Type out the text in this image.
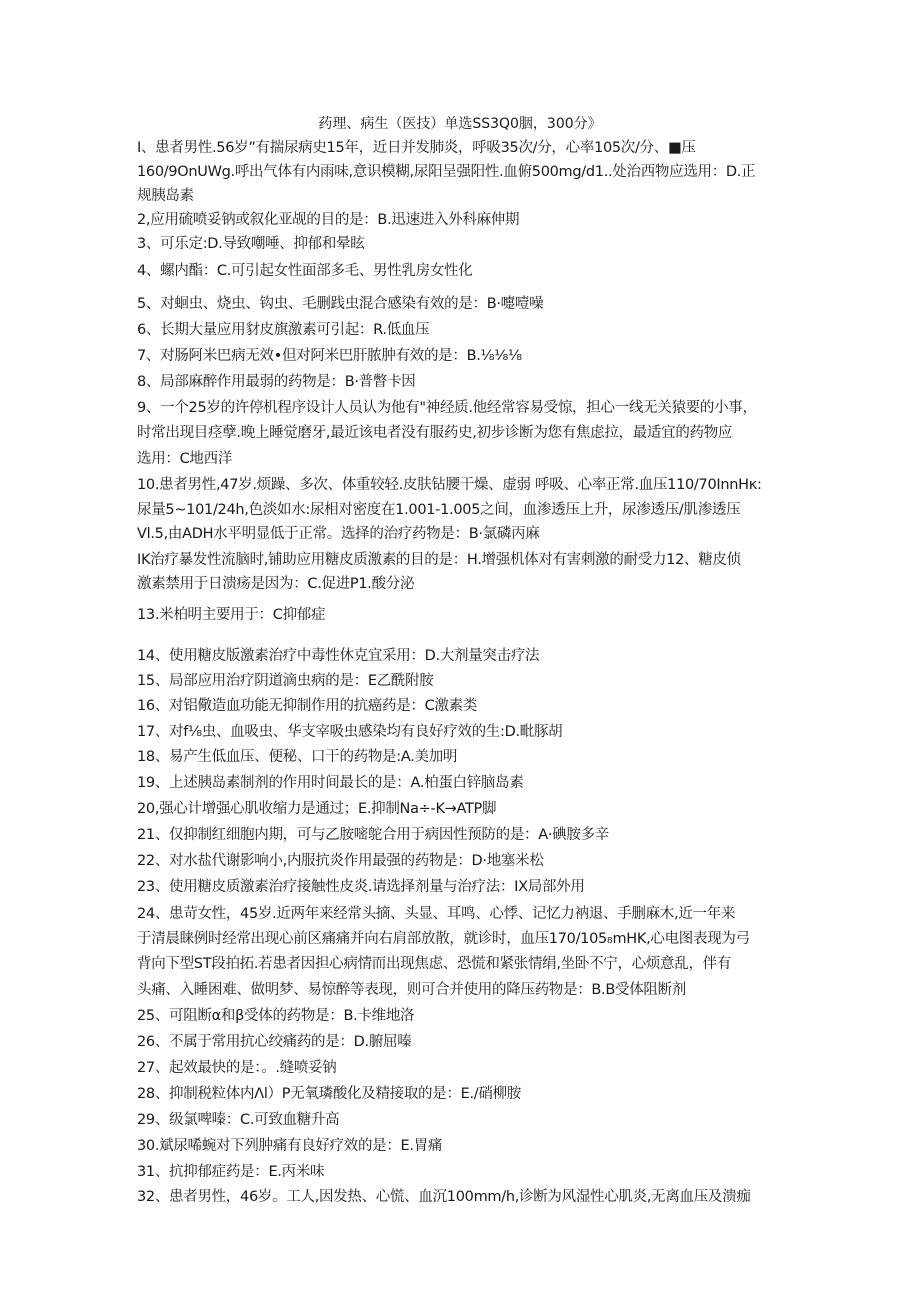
药理、病生（医技）单选SS3Q0胭，300分》
I、患者男性.56岁”有揣尿病史15年，近日并发肺炎，呼吸35次/分，心率105次/分、■压
160/9OnUWg.呼出气体有内雨味,意识模糊,尿阳呈强阳性.血俯500mg/d1..处治西物应选用：D.正
规胰岛素
2,应用硫喷妥钠或叙化亚觇的目的是：B.迅速进入外科麻伸期
3、可乐定:D.导致嘲唾、抑郁和晕眩
4、螺内酯：C.可引起女性面部多毛、男性乳房女性化
5、对蛔虫、烧虫、钩虫、毛删践虫混合感染有效的是：B·嚏噎噪
6、长期大量应用豺皮旗激素可引起：R.低血压
7、对肠阿米巴病无效•但对阿米巴肝脓肿有效的是：B.⅛⅛⅛
8、局部麻醉作用最弱的药物是：B·普瞥卡因
9、一个25岁的许停机程序设计人员认为他有"神经质.他经常容易受惊，担心一线无关猿要的小事，
时常出现目痉孽.晚上睡觉磨牙,最近该电者没有服药史,初步诊断为您有焦虑拉，最适宜的药物应
选用：C地西洋
10.患者男性,47岁.烦躁、多次、体重较轻.皮肤钻腰干燥、虚弱 呼吸、心率正常.血压110/70InnHκ:
尿量5~101∕24h,色淡如水:尿相对密度在1.001-1.005之间，血渗透压上升，尿渗透压/肌渗透压
Vl.5,由ADH水平明显低于正常。选择的治疗药物是：B·氯磷丙麻
IK治疗暴发性流脑时,铺助应用糖皮质激素的目的是：H.增强机体对有害刺激的耐受力12、糖皮侦
激素禁用于日溃疡是因为：C.促进P1.酸分泌
13.米柏明主要用于：C抑郁症
14、使用糖皮版激素治疗中毒性休克宜采用：D.大剂量突击疗法
15、局部应用治疗阴道滴虫病的是：E乙酰附胺
16、对铝儆造血功能无抑制作用的抗癌药是：C激素类
17、对f⅛虫、血吸虫、华支宰吸虫感染均有良好疗效的生:D.毗豚胡
18、易产生低血压、便秘、口干的药物是:A.美加明
19、上述胰岛素制剂的作用时间最长的是：A.柏蛋白锌脑岛素
20,强心计增强心肌收缩力是通过；E.抑制Na÷-K→ATP脚
21、仅抑制红细胞内期，可与乙胺嘧鸵合用于病因性预防的是：A·碘胺多辛
22、对水盐代谢影响小,内服抗炎作用最强的药物是：D·地塞米松
23、使用糖皮质激素治疗接触性皮炎.请选择剂量与治疗法：IX局部外用
24、患苛女性，45岁.近两年来经常头摘、头显、耳鸣、心悸、记忆力衲退、手删麻木,近一年来
于清晨睐例时经常出现心前区痛痛并向右肩部放散，就诊时，血压170/105₈mHK,心电图表现为弓
背向下型ST段拍拓.若患者因担心病情而出现焦虑、恐慌和紧张情绢,坐卧不宁，心烦意乱，伴有
头痛、入睡困难、做明梦、易惊醉等表现，则可合并使用的降压药物是：B.B受体阻断剂
25、可阻断α和β受体的药物是：B.卡维地洛
26、不属于常用抗心绞痛药的是：D.腑屈嗪
27、起效最快的是：。.缝喷妥钠
28、抑制税粒体内Λl）P无氧璘酸化及精接取的是：E./硝柳胺
29、级氯啤嗪：C.可致血糖升高
30.斌尿唏蜿对下列肿痛有良好疗效的是：E.胃痛
31、抗抑郁症药是：E.丙米味
32、患者男性，46岁。工人,因发热、心慌、血沉100mm∕h,诊断为风湿性心肌炎,无离血压及溃痂
